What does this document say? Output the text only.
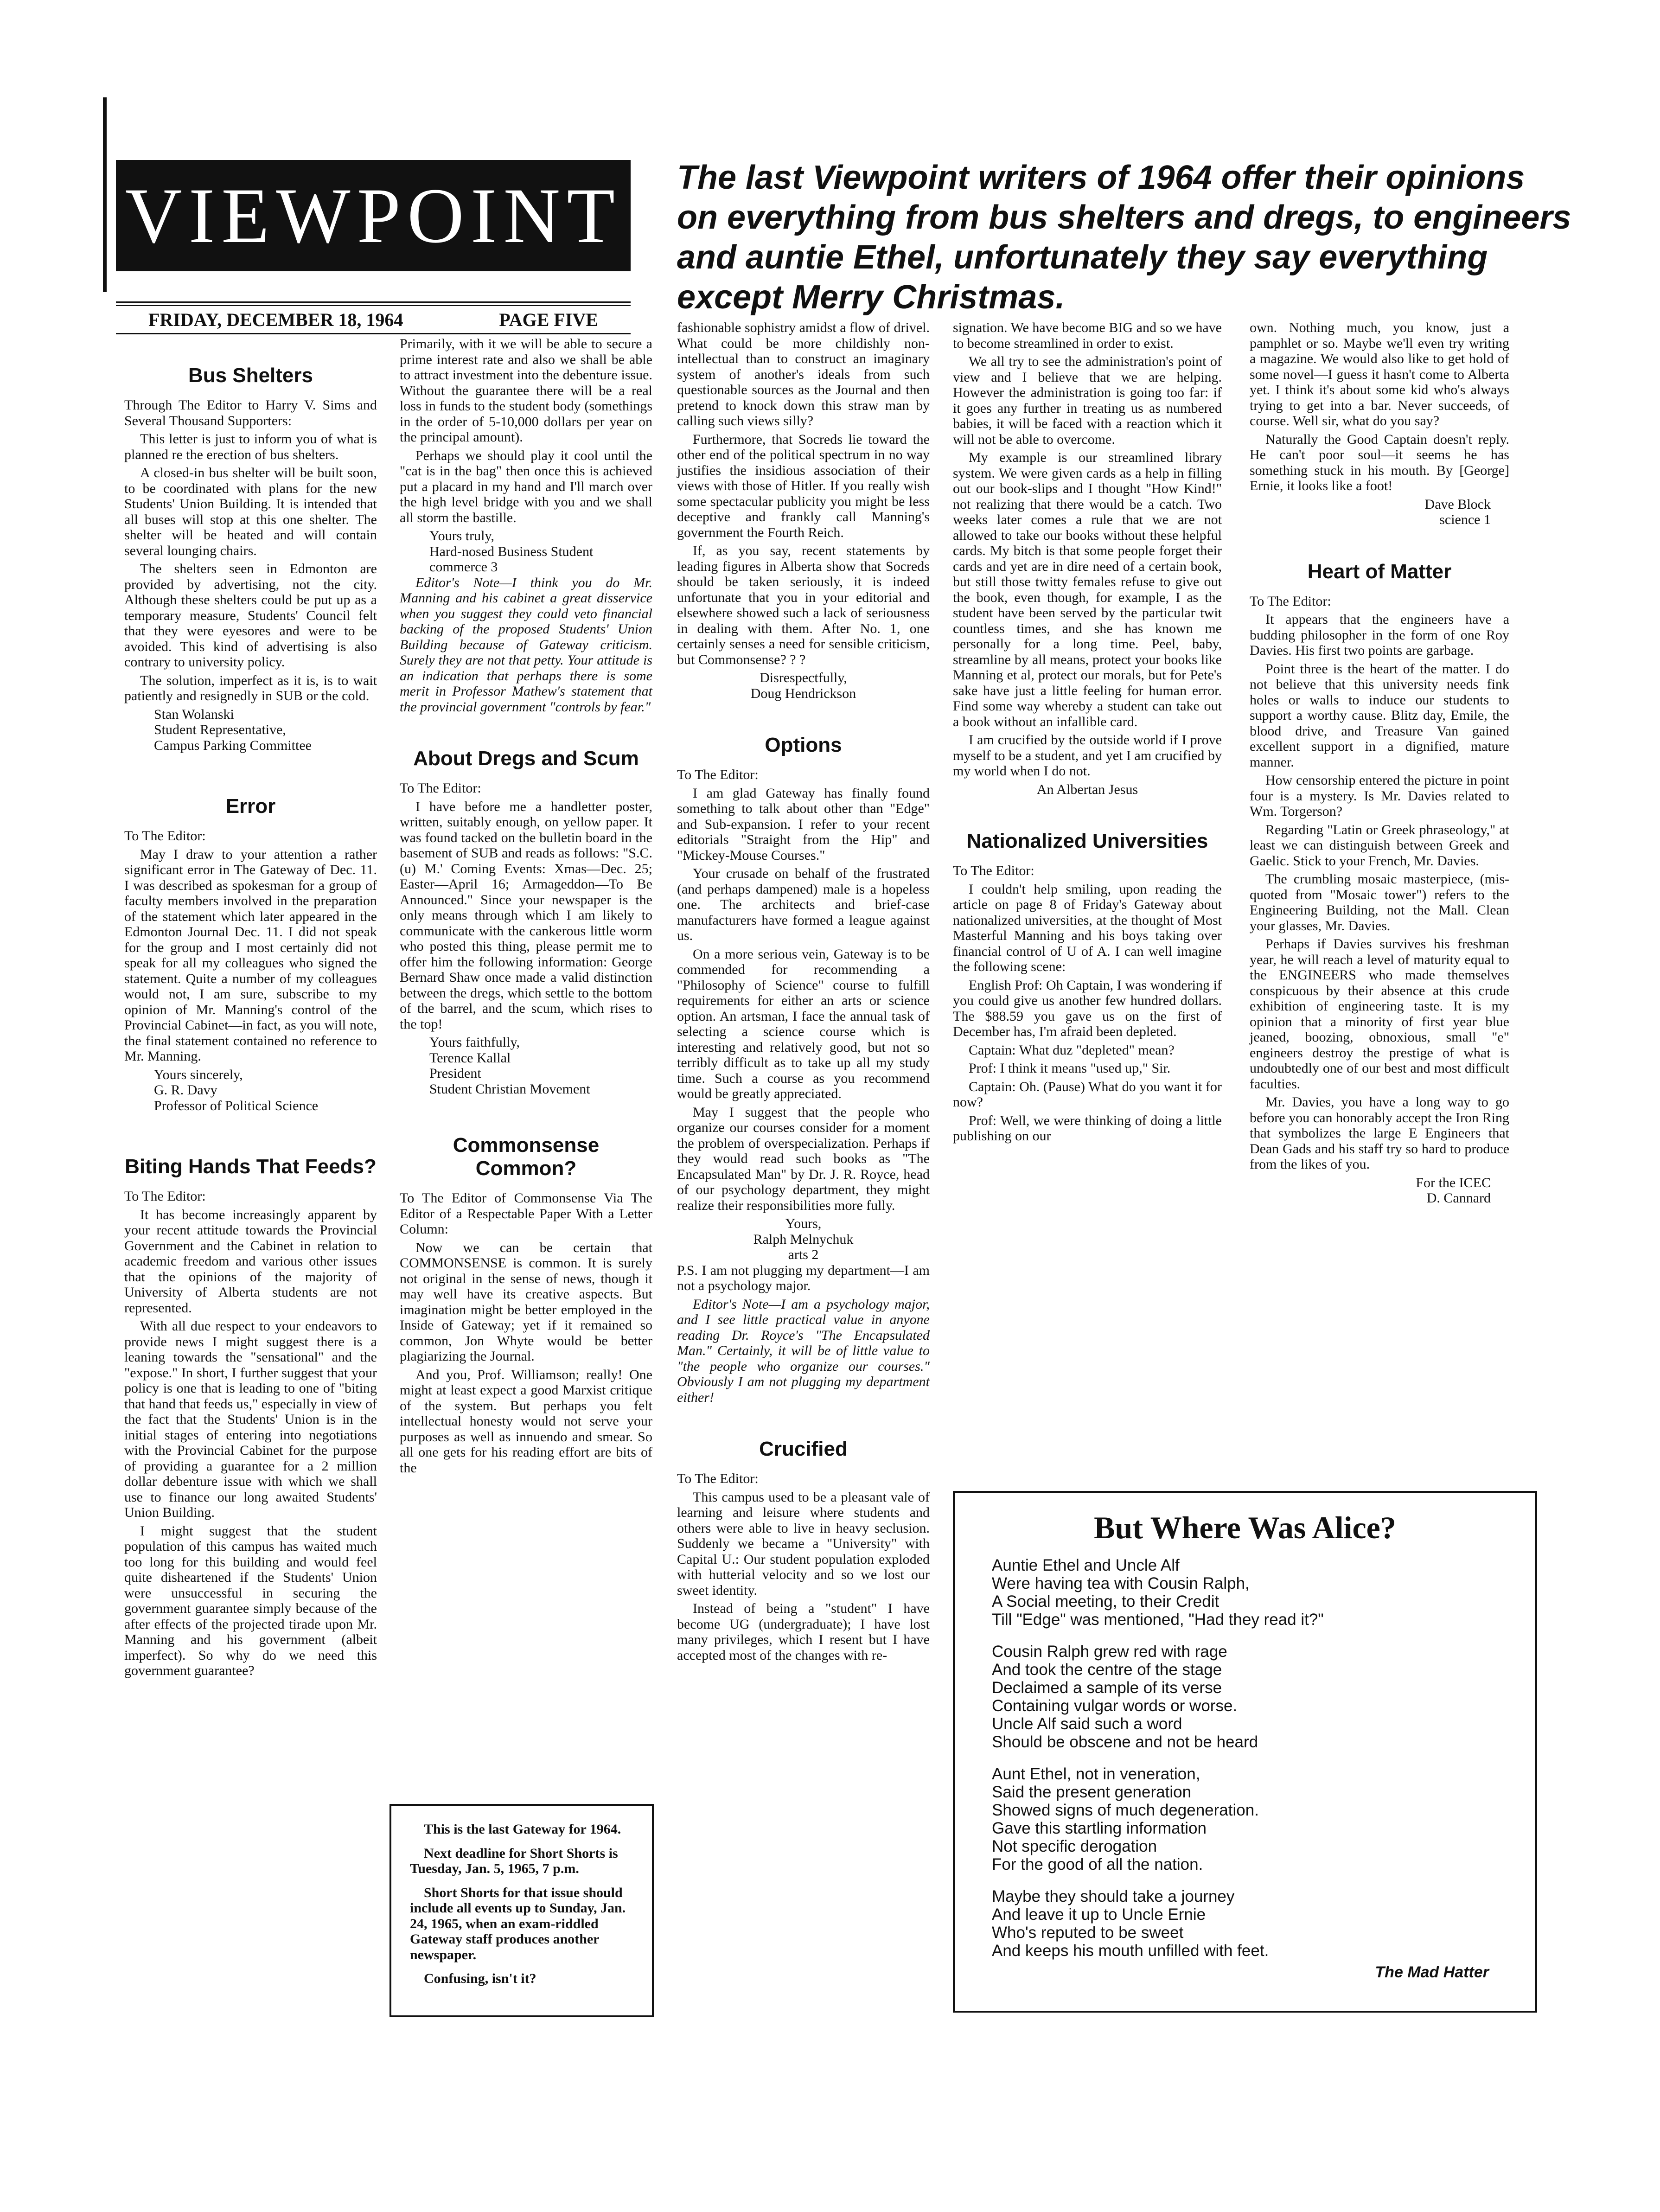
VIEWPOINT The last Viewpoint writers of 1964 offer their opinions on everything from bus shelters and dregs, to engineers and auntie Ethel, unfortunately they say everything except Merry Christmas.
FRIDAY, DECEMBER 18, 1964	PAGE FIVE
Bus Shelters

Through The Editor to Harry V. Sims and Several Thousand Supporters:

This letter is just to inform you of what is planned re the erection of bus shelters.

A closed-in bus shelter will be built soon, to be coordinated with plans for the new Students' Union Building. It is intended that all buses will stop at this one shelter. The shelter will be heated and will contain several lounging chairs.

The shelters seen in Edmonton are provided by advertising, not the city. Although these shelters could be put up as a temporary measure, Students' Council felt that they were eyesores and were to be avoided. This kind of advertising is also contrary to university policy.

The solution, imperfect as it is, is to wait patiently and resignedly in SUB or the cold.

Stan Wolanski

Student Representative,

Campus Parking Committee

Error

To The Editor:

May I draw to your attention a rather significant error in The Gateway of Dec. 11. I was described as spokesman for a group of faculty members involved in the preparation of the statement which later appeared in the Edmonton Journal Dec. 11. I did not speak for the group and I most certainly did not speak for all my colleagues who signed the statement. Quite a number of my colleagues would not, I am sure, subscribe to my opinion of Mr. Manning's control of the Provincial Cabinet—in fact, as you will note, the final statement contained no reference to Mr. Manning.

Yours sincerely,

G. R. Davy

Professor of Political Science

Biting Hands That Feeds?

To The Editor:

It has become increasingly apparent by your recent attitude towards the Provincial Government and the Cabinet in relation to academic freedom and various other issues that the opinions of the majority of University of Alberta students are not represented.

With all due respect to your endeavors to provide news I might suggest there is a leaning towards the "sensational" and the "expose." In short, I further suggest that your policy is one that is leading to one of "biting that hand that feeds us," especially in view of the fact that the Students' Union is in the initial stages of entering into negotiations with the Provincial Cabinet for the purpose of providing a guarantee for a 2 million dollar debenture issue with which we shall use to finance our long awaited Students' Union Building.

I might suggest that the student population of this campus has waited much too long for this building and would feel quite disheartened if the Students' Union were unsuccessful in securing the government guarantee simply because of the after effects of the projected tirade upon Mr. Manning and his government (albeit imperfect). So why do we need this government guarantee?

Primarily, with it we will be able to secure a prime interest rate and also we shall be able to attract investment into the debenture issue. Without the guarantee there will be a real loss in funds to the student body (somethings in the order of 5-10,000 dollars per year on the principal amount).

Perhaps we should play it cool until the "cat is in the bag" then once this is achieved put a placard in my hand and I'll march over the high level bridge with you and we shall all storm the bastille.

Yours truly,

Hard-nosed Business Student

commerce 3

Editor's Note—I think you do Mr. Manning and his cabinet a great disservice when you suggest they could veto financial backing of the proposed Students' Union Building because of Gateway criticism. Surely they are not that petty. Your attitude is an indication that perhaps there is some merit in Professor Mathew's statement that the provincial government "controls by fear."

About Dregs and Scum

To The Editor:

I have before me a handletter poster, written, suitably enough, on yellow paper. It was found tacked on the bulletin board in the basement of SUB and reads as follows: "S.C. (u) M.' Coming Events: Xmas—Dec. 25; Easter—April 16; Armageddon—To Be Announced." Since your newspaper is the only means through which I am likely to communicate with the cankerous little worm who posted this thing, please permit me to offer him the following information: George Bernard Shaw once made a valid distinction between the dregs, which settle to the bottom of the barrel, and the scum, which rises to the top!

Yours faithfully,

Terence Kallal

President

Student Christian Movement

Commonsense Common?

To The Editor of Commonsense Via The Editor of a Respectable Paper With a Letter Column:

Now we can be certain that COMMONSENSE is common. It is surely not original in the sense of news, though it may well have its creative aspects. But imagination might be better employed in the Inside of Gateway; yet if it remained so common, Jon Whyte would be better plagiarizing the Journal.

And you, Prof. Williamson; really! One might at least expect a good Marxist critique of the system. But perhaps you felt intellectual honesty would not serve your purposes as well as innuendo and smear. So all one gets for his reading effort are bits of the

This is the last Gateway for 1964.

Next deadline for Short Shorts is Tuesday, Jan. 5, 1965, 7 p.m.

Short Shorts for that issue should include all events up to Sunday, Jan. 24, 1965, when an exam-riddled Gateway staff produces another newspaper.

Confusing, isn't it?

fashionable sophistry amidst a flow of drivel. What could be more childishly non-intellectual than to construct an imaginary system of another's ideals from such questionable sources as the Journal and then pretend to knock down this straw man by calling such views silly?

Furthermore, that Socreds lie toward the other end of the political spectrum in no way justifies the insidious association of their views with those of Hitler. If you really wish some spectacular publicity you might be less deceptive and frankly call Manning's government the Fourth Reich.

If, as you say, recent statements by leading figures in Alberta show that Socreds should be taken seriously, it is indeed unfortunate that you in your editorial and elsewhere showed such a lack of seriousness in dealing with them. After No. 1, one certainly senses a need for sensible criticism, but Commonsense? ? ?

Disrespectfully,

Doug Hendrickson

Options

To The Editor:

I am glad Gateway has finally found something to talk about other than "Edge" and Sub-expansion. I refer to your recent editorials "Straight from the Hip" and "Mickey-Mouse Courses."

Your crusade on behalf of the frustrated (and perhaps dampened) male is a hopeless one. The architects and brief-case manufacturers have formed a league against us.

On a more serious vein, Gateway is to be commended for recommending a "Philosophy of Science" course to fulfill requirements for either an arts or science option. An artsman, I face the annual task of selecting a science course which is interesting and relatively good, but not so terribly difficult as to take up all my study time. Such a course as you recommend would be greatly appreciated.

May I suggest that the people who organize our courses consider for a moment the problem of overspecialization. Perhaps if they would read such books as "The Encapsulated Man" by Dr. J. R. Royce, head of our psychology department, they might realize their responsibilities more fully.

Yours,

Ralph Melnychuk

arts 2

P.S. I am not plugging my department—I am not a psychology major.

Editor's Note—I am a psychology major, and I see little practical value in anyone reading Dr. Royce's "The Encapsulated Man." Certainly, it will be of little value to "the people who organize our courses." Obviously I am not plugging my department either!

Crucified

To The Editor:

This campus used to be a pleasant vale of learning and leisure where students and others were able to live in heavy seclusion. Suddenly we became a "University" with Capital U.: Our student population exploded with hutterial velocity and so we lost our sweet identity.

Instead of being a "student" I have become UG (undergraduate); I have lost many privileges, which I resent but I have accepted most of the changes with re-

signation. We have become BIG and so we have to become streamlined in order to exist.

We all try to see the administration's point of view and I believe that we are helping. However the administration is going too far: if it goes any further in treating us as numbered babies, it will be faced with a reaction which it will not be able to overcome.

My example is our streamlined library system. We were given cards as a help in filling out our book-slips and I thought "How Kind!" not realizing that there would be a catch. Two weeks later comes a rule that we are not allowed to take our books without these helpful cards. My bitch is that some people forget their cards and yet are in dire need of a certain book, but still those twitty females refuse to give out the book, even though, for example, I as the student have been served by the particular twit countless times, and she has known me personally for a long time. Peel, baby, streamline by all means, protect your books like Manning et al, protect our morals, but for Pete's sake have just a little feeling for human error. Find some way whereby a student can take out a book without an infallible card.

I am crucified by the outside world if I prove myself to be a student, and yet I am crucified by my world when I do not.

An Albertan Jesus

Nationalized Universities

To The Editor:

I couldn't help smiling, upon reading the article on page 8 of Friday's Gateway about nationalized universities, at the thought of Most Masterful Manning and his boys taking over financial control of U of A. I can well imagine the following scene:

English Prof: Oh Captain, I was wondering if you could give us another few hundred dollars. The $88.59 you gave us on the first of December has, I'm afraid been depleted.

Captain: What duz "depleted" mean?

Prof: I think it means "used up," Sir.

Captain: Oh. (Pause) What do you want it for now?

Prof: Well, we were thinking of doing a little publishing on our

own. Nothing much, you know, just a pamphlet or so. Maybe we'll even try writing a magazine. We would also like to get hold of some novel—I guess it hasn't come to Alberta yet. I think it's about some kid who's always trying to get into a bar. Never succeeds, of course. Well sir, what do you say?

Naturally the Good Captain doesn't reply. He can't poor soul—it seems he has something stuck in his mouth. By [George] Ernie, it looks like a foot!

Dave Block

science 1

Heart of Matter

To The Editor:

It appears that the engineers have a budding philosopher in the form of one Roy Davies. His first two points are garbage.

Point three is the heart of the matter. I do not believe that this university needs fink holes or walls to induce our students to support a worthy cause. Blitz day, Emile, the blood drive, and Treasure Van gained excellent support in a dignified, mature manner.

How censorship entered the picture in point four is a mystery. Is Mr. Davies related to Wm. Torgerson?

Regarding "Latin or Greek phraseology," at least we can distinguish between Greek and Gaelic. Stick to your French, Mr. Davies.

The crumbling mosaic masterpiece, (mis-quoted from "Mosaic tower") refers to the Engineering Building, not the Mall. Clean your glasses, Mr. Davies.

Perhaps if Davies survives his freshman year, he will reach a level of maturity equal to the ENGINEERS who made themselves conspicuous by their absence at this crude exhibition of engineering taste. It is my opinion that a minority of first year blue jeaned, boozing, obnoxious, small "e" engineers destroy the prestige of what is undoubtedly one of our best and most difficult faculties.

Mr. Davies, you have a long way to go before you can honorably accept the Iron Ring that symbolizes the large E Engineers that Dean Gads and his staff try so hard to produce from the likes of you.

For the ICEC

D. Cannard

But Where Was Alice?
Auntie Ethel and Uncle Alf
Were having tea with Cousin Ralph,
A Social meeting, to their Credit
Till "Edge" was mentioned, "Had they read it?"
Cousin Ralph grew red with rage
And took the centre of the stage
Declaimed a sample of its verse
Containing vulgar words or worse.
Uncle Alf said such a word
Should be obscene and not be heard
Aunt Ethel, not in veneration,
Said the present generation
Showed signs of much degeneration.
Gave this startling information
Not specific derogation
For the good of all the nation.
Maybe they should take a journey
And leave it up to Uncle Ernie
Who's reputed to be sweet
And keeps his mouth unfilled with feet.
The Mad Hatter
